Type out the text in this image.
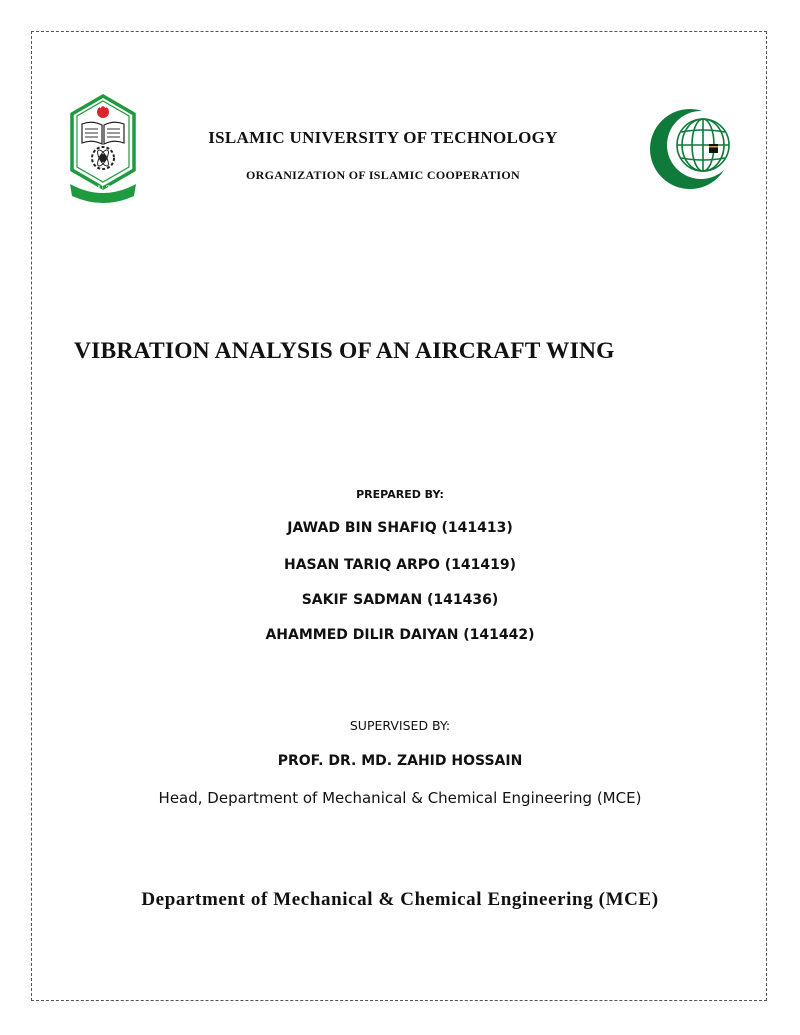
IUT
ISLAMIC UNIVERSITY OF TECHNOLOGY
ORGANIZATION OF ISLAMIC COOPERATION
VIBRATION ANALYSIS OF AN AIRCRAFT WING
PREPARED BY:
JAWAD BIN SHAFIQ (141413)
HASAN TARIQ ARPO (141419)
SAKIF SADMAN (141436)
AHAMMED DILIR DAIYAN (141442)
SUPERVISED BY:
PROF. DR. MD. ZAHID HOSSAIN
Head, Department of Mechanical & Chemical Engineering (MCE)
Department of Mechanical & Chemical Engineering (MCE)
